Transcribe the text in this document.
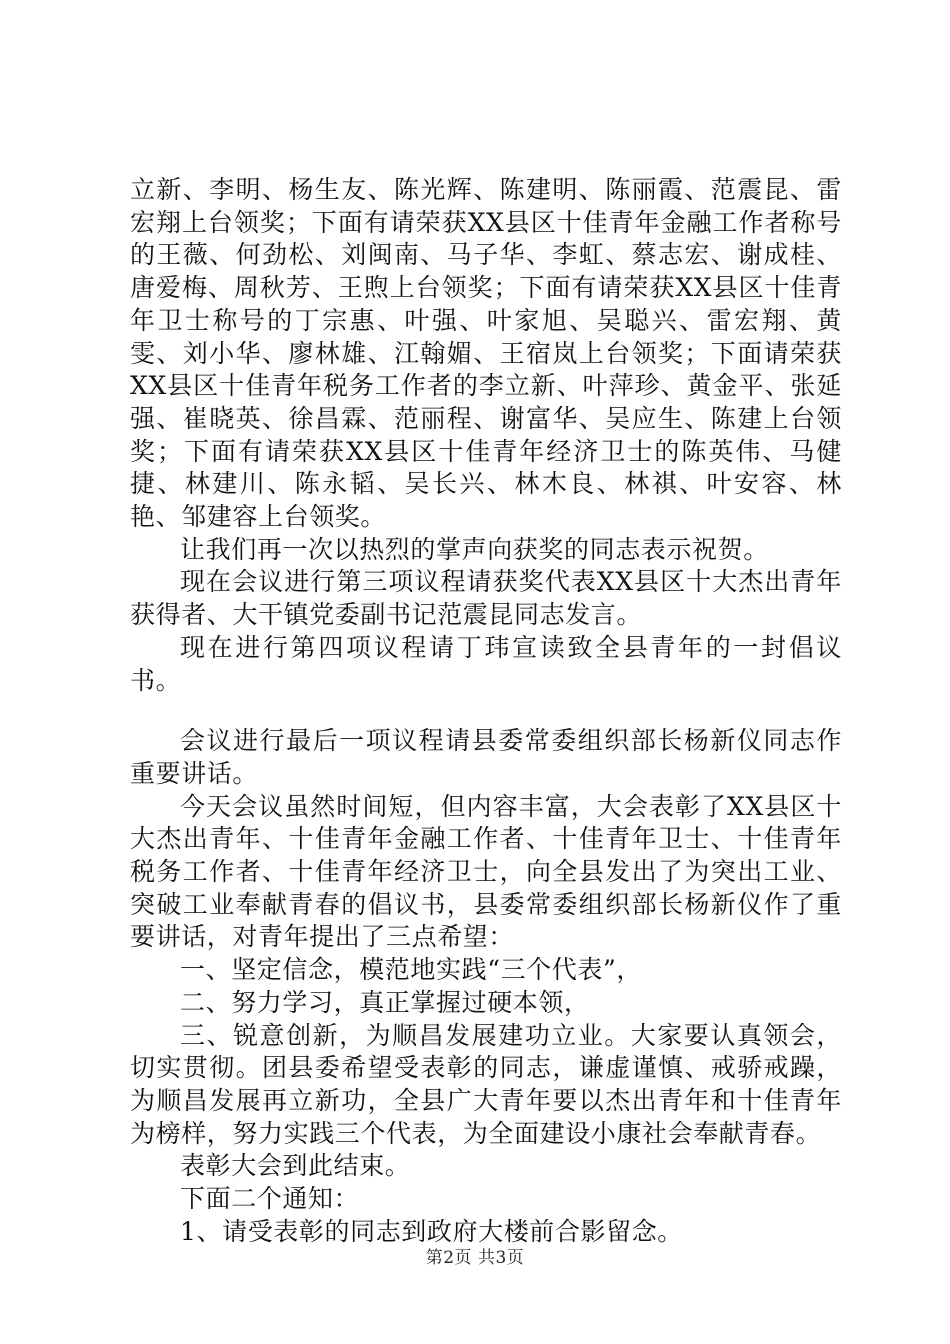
立新、李明、杨生友、陈光辉、陈建明、陈丽霞、范震昆、雷宏翔上台领奖；下面有请荣获XX县区十佳青年金融工作者称号的王薇、何劲松、刘闽南、马子华、李虹、蔡志宏、谢成桂、唐爱梅、周秋芳、王煦上台领奖；下面有请荣获XX县区十佳青年卫士称号的丁宗惠、叶强、叶家旭、吴聪兴、雷宏翔、黄雯、刘小华、廖林雄、江翰媚、王宿岚上台领奖；下面请荣获XX县区十佳青年税务工作者的李立新、叶萍珍、黄金平、张延强、崔晓英、徐昌霖、范丽程、谢富华、吴应生、陈建上台领奖；下面有请荣获XX县区十佳青年经济卫士的陈英伟、马健捷、林建川、陈永韬、吴长兴、林木良、林祺、叶安容、林艳、邹建容上台领奖。

让我们再一次以热烈的掌声向获奖的同志表示祝贺。

现在会议进行第三项议程请获奖代表XX县区十大杰出青年获得者、大干镇党委副书记范震昆同志发言。

现在进行第四项议程请丁玮宣读致全县青年的一封倡议书。

会议进行最后一项议程请县委常委组织部长杨新仪同志作重要讲话。

今天会议虽然时间短，但内容丰富，大会表彰了XX县区十大杰出青年、十佳青年金融工作者、十佳青年卫士、十佳青年税务工作者、十佳青年经济卫士，向全县发出了为突出工业、突破工业奉献青春的倡议书，县委常委组织部长杨新仪作了重要讲话，对青年提出了三点希望：

一、坚定信念，模范地实践“三个代表”，

二、努力学习，真正掌握过硬本领，

三、锐意创新，为顺昌发展建功立业。大家要认真领会，切实贯彻。团县委希望受表彰的同志，谦虚谨慎、戒骄戒躁，为顺昌发展再立新功，全县广大青年要以杰出青年和十佳青年为榜样，努力实践三个代表，为全面建设小康社会奉献青春。

表彰大会到此结束。

下面二个通知：

1、请受表彰的同志到政府大楼前合影留念。

第2页 共3页
